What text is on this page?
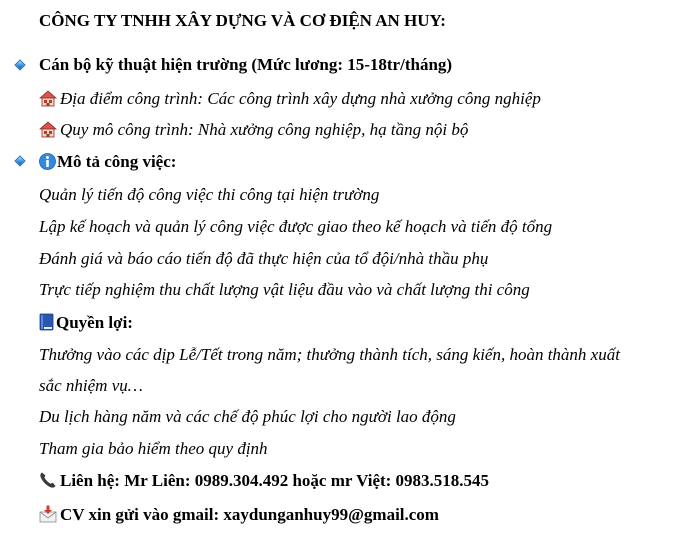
CÔNG TY TNHH XÂY DỰNG VÀ CƠ ĐIỆN AN HUY:
Cán bộ kỹ thuật hiện trường (Mức lương: 15-18tr/tháng)
Địa điểm công trình: Các công trình xây dựng nhà xưởng công nghiệp
Quy mô công trình: Nhà xưởng công nghiệp, hạ tầng nội bộ
Mô tả công việc:
Quản lý tiến độ công việc thi công tại hiện trường
Lập kế hoạch và quản lý công việc được giao theo kế hoạch và tiến độ tổng
Đánh giá và báo cáo tiến độ đã thực hiện của tổ đội/nhà thầu phụ
Trực tiếp nghiệm thu chất lượng vật liệu đầu vào và chất lượng thi công
Quyền lợi:
Thưởng vào các dịp Lễ/Tết trong năm; thưởng thành tích, sáng kiến, hoàn thành xuất
sắc nhiệm vụ…
Du lịch hàng năm và các chế độ phúc lợi cho người lao động
Tham gia bảo hiểm theo quy định
Liên hệ: Mr Liên: 0989.304.492 hoặc mr Việt: 0983.518.545
CV xin gửi vào gmail: xaydunganhuy99@gmail.com
